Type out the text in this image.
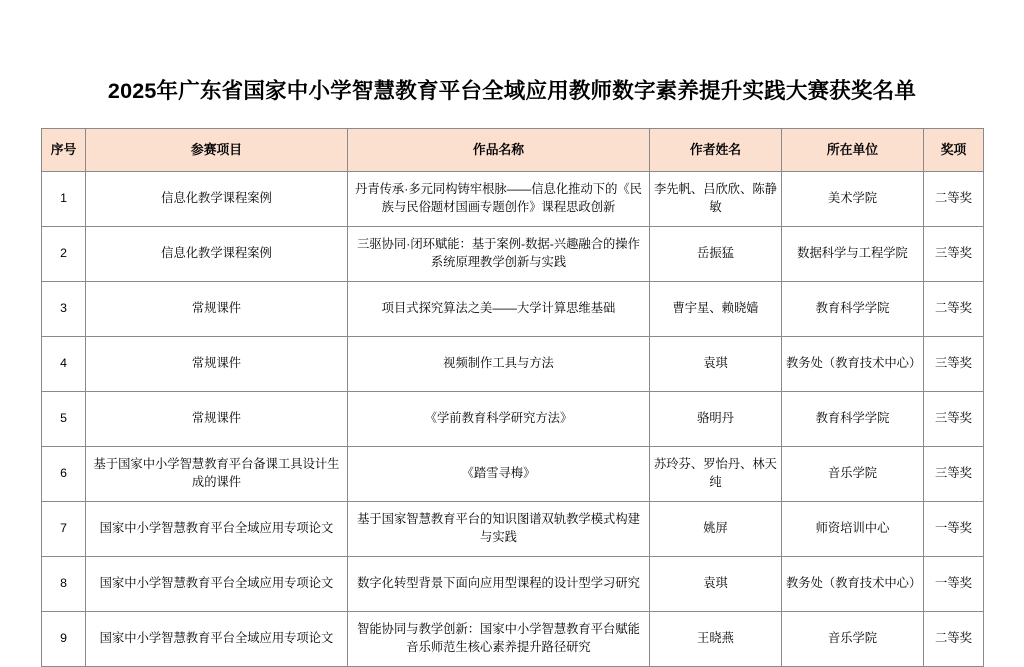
2025年广东省国家中小学智慧教育平台全域应用教师数字素养提升实践大赛获奖名单
序号	参赛项目	作品名称	作者姓名	所在单位	奖项
1	信息化教学课程案例	丹青传承·多元同构铸牢根脉——信息化推动下的《民族与民俗题材国画专题创作》课程思政创新	李先帆、吕欣欣、陈静敏	美术学院	二等奖
2	信息化教学课程案例	三驱协同·闭环赋能：基于案例-数据-兴趣融合的操作系统原理教学创新与实践	岳振猛	数据科学与工程学院	三等奖
3	常规课件	项目式探究算法之美——大学计算思维基础	曹宇星、赖晓嫱	教育科学学院	二等奖
4	常规课件	视频制作工具与方法	袁琪	教务处（教育技术中心）	三等奖
5	常规课件	《学前教育科学研究方法》	骆明丹	教育科学学院	三等奖
6	基于国家中小学智慧教育平台备课工具设计生成的课件	《踏雪寻梅》	苏玲芬、罗怡丹、林天纯	音乐学院	三等奖
7	国家中小学智慧教育平台全域应用专项论文	基于国家智慧教育平台的知识图谱双轨教学模式构建与实践	姚屏	师资培训中心	一等奖
8	国家中小学智慧教育平台全域应用专项论文	数字化转型背景下面向应用型课程的设计型学习研究	袁琪	教务处（教育技术中心）	一等奖
9	国家中小学智慧教育平台全域应用专项论文	智能协同与教学创新：国家中小学智慧教育平台赋能音乐师范生核心素养提升路径研究	王晓燕	音乐学院	二等奖
